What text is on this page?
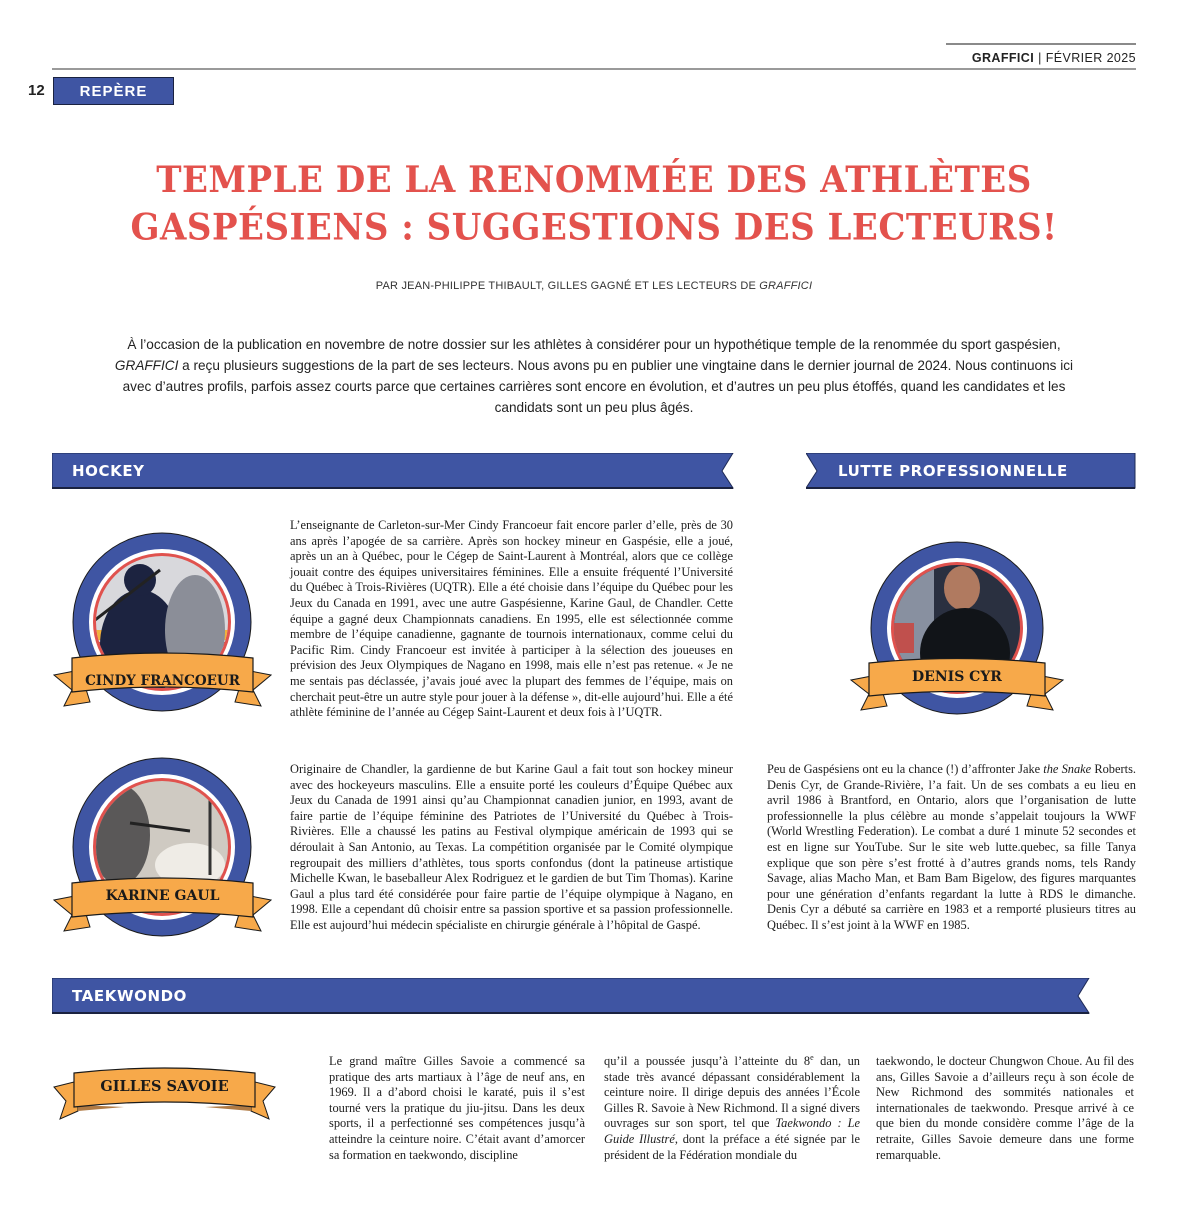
GRAFFICI | FÉVRIER 2025
12	REPÈRE
TEMPLE DE LA RENOMMÉE DES ATHLÈTES
GASPÉSIENS : SUGGESTIONS DES LECTEURS!
PAR JEAN-PHILIPPE THIBAULT, GILLES GAGNÉ ET LES LECTEURS DE GRAFFICI
À l’occasion de la publication en novembre de notre dossier sur les athlètes à considérer pour un hypothétique temple de la renommée du sport gaspésien, GRAFFICI a reçu plusieurs suggestions de la part de ses lecteurs. Nous avons pu en publier une vingtaine dans le dernier journal de 2024. Nous continuons ici avec d’autres profils, parfois assez courts parce que certaines carrières sont encore en évolution, et d’autres un peu plus étoffés, quand les candidates et les candidats sont un peu plus âgés.
HOCKEY	LUTTE PROFESSIONNELLE
CINDY FRANCOEUR
L’enseignante de Carleton-sur-Mer Cindy Francoeur fait encore parler d’elle, près de 30 ans après l’apogée de sa carrière. Après son hockey mineur en Gaspésie, elle a joué, après un an à Québec, pour le Cégep de Saint-Laurent à Montréal, alors que ce collège jouait contre des équipes universitaires féminines. Elle a ensuite fréquenté l’Université du Québec à Trois-Rivières (UQTR). Elle a été choisie dans l’équipe du Québec pour les Jeux du Canada en 1991, avec une autre Gaspésienne, Karine Gaul, de Chandler. Cette équipe a gagné deux Championnats canadiens. En 1995, elle est sélectionnée comme membre de l’équipe canadienne, gagnante de tournois internationaux, comme celui du Pacific Rim. Cindy Francoeur est invitée à participer à la sélection des joueuses en prévision des Jeux Olympiques de Nagano en 1998, mais elle n’est pas retenue. « Je ne me sentais pas déclassée, j’avais joué avec la plupart des femmes de l’équipe, mais on cherchait peut-être un autre style pour jouer à la défense », dit-elle aujourd’hui. Elle a été athlète féminine de l’année au Cégep Saint-Laurent et deux fois à l’UQTR.
KARINE GAUL
Originaire de Chandler, la gardienne de but Karine Gaul a fait tout son hockey mineur avec des hockeyeurs masculins. Elle a ensuite porté les couleurs d’Équipe Québec aux Jeux du Canada de 1991 ainsi qu’au Championnat canadien junior, en 1993, avant de faire partie de l’équipe féminine des Patriotes de l’Université du Québec à Trois-Rivières. Elle a chaussé les patins au Festival olympique américain de 1993 qui se déroulait à San Antonio, au Texas. La compétition organisée par le Comité olympique regroupait des milliers d’athlètes, tous sports confondus (dont la patineuse artistique Michelle Kwan, le baseballeur Alex Rodriguez et le gardien de but Tim Thomas). Karine Gaul a plus tard été considérée pour faire partie de l’équipe olympique à Nagano, en 1998. Elle a cependant dû choisir entre sa passion sportive et sa passion professionnelle. Elle est aujourd’hui médecin spécialiste en chirurgie générale à l’hôpital de Gaspé.
DENIS CYR
Peu de Gaspésiens ont eu la chance (!) d’affronter Jake the Snake Roberts. Denis Cyr, de Grande-Rivière, l’a fait. Un de ses combats a eu lieu en avril 1986 à Brantford, en Ontario, alors que l’organisation de lutte professionnelle la plus célèbre au monde s’appelait toujours la WWF (World Wrestling Federation). Le combat a duré 1 minute 52 secondes et est en ligne sur YouTube. Sur le site web lutte.quebec, sa fille Tanya explique que son père s’est frotté à d’autres grands noms, tels Randy Savage, alias Macho Man, et Bam Bam Bigelow, des figures marquantes pour une génération d’enfants regardant la lutte à RDS le dimanche. Denis Cyr a débuté sa carrière en 1983 et a remporté plusieurs titres au Québec. Il s’est joint à la WWF en 1985.
TAEKWONDO
GILLES SAVOIE
Le grand maître Gilles Savoie a commencé sa pratique des arts martiaux à l’âge de neuf ans, en 1969. Il a d’abord choisi le karaté, puis il s’est tourné vers la pratique du jiu-jitsu. Dans les deux sports, il a perfectionné ses compétences jusqu’à atteindre la ceinture noire. C’était avant d’amorcer sa formation en taekwondo, discipline
qu’il a poussée jusqu’à l’atteinte du 8e dan, un stade très avancé dépassant considérablement la ceinture noire. Il dirige depuis des années l’École Gilles R. Savoie à New Richmond. Il a signé divers ouvrages sur son sport, tel que Taekwondo : Le Guide Illustré, dont la préface a été signée par le président de la Fédération mondiale du
taekwondo, le docteur Chungwon Choue. Au fil des ans, Gilles Savoie a d’ailleurs reçu à son école de New Richmond des sommités nationales et internationales de taekwondo. Presque arrivé à ce que bien du monde considère comme l’âge de la retraite, Gilles Savoie demeure dans une forme remarquable.
